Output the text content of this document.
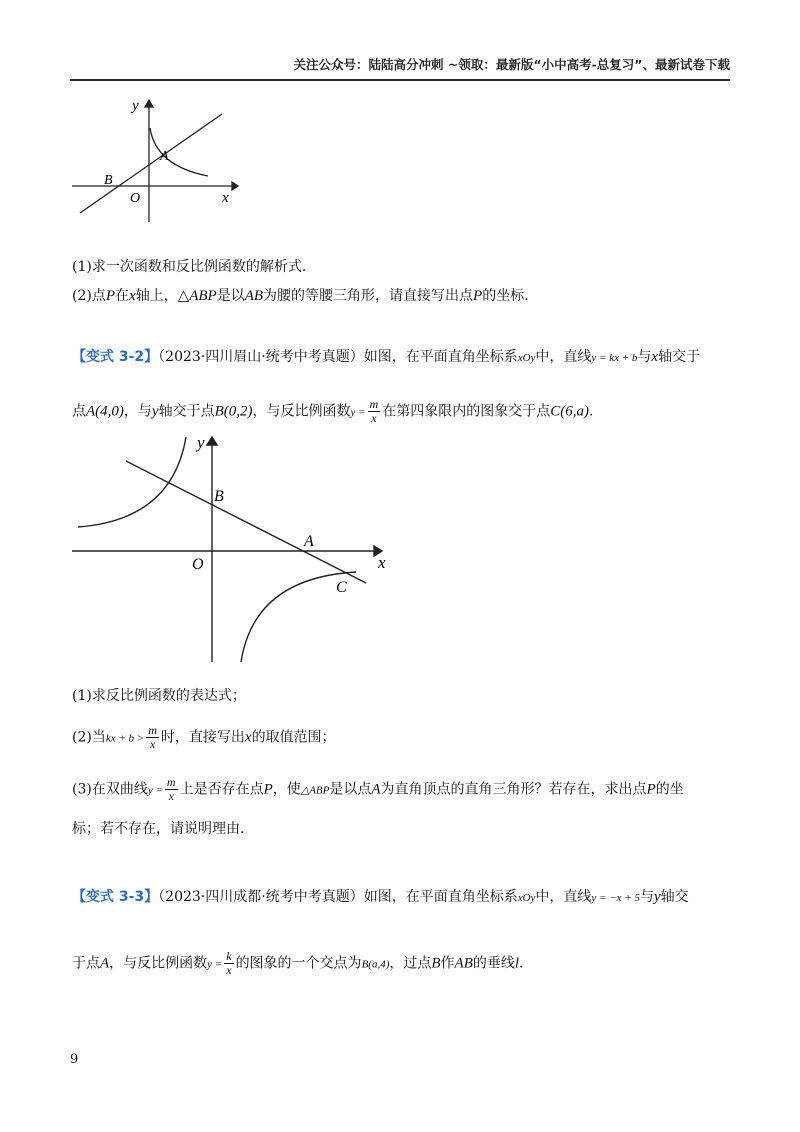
关注公众号：陆陆高分冲刺 ~领取：最新版“小中高考-总复习”、最新试卷下载
y
A
B
O	x
(1)求一次函数和反比例函数的解析式．
(2)点P在x轴上，△ABP是以AB为腰的等腰三角形，请直接写出点P的坐标．
【变式 3-2】（2023·四川眉山·统考中考真题）如图，在平面直角坐标系xOy中，直线y = kx + b与x轴交于
点A(4,0)，与y轴交于点B(0,2)，与反比例函数$y = \frac{m}{x}$ 在第四象限内的图象交于点C(6,a)．
y
B
A
O	x
C
(1)求反比例函数的表达式；
(2)当kx + $b > \frac{m}{x}$ 时，直接写出x的取值范围；
(3)在双曲线$y = \frac{m}{x}$ 上是否存在点P，使△ABP是以点A为直角顶点的直角三角形？若存在，求出点P的坐
标；若不存在，请说明理由．
【变式 3-3】（2023·四川成都·统考中考真题）如图，在平面直角坐标系xOy中，直线y = −x + 5与y轴交
于点A，与反比例函数$y = \frac{k}{x}$ 的图象的一个交点为B(a,4)，过点B作AB的垂线l.
9
